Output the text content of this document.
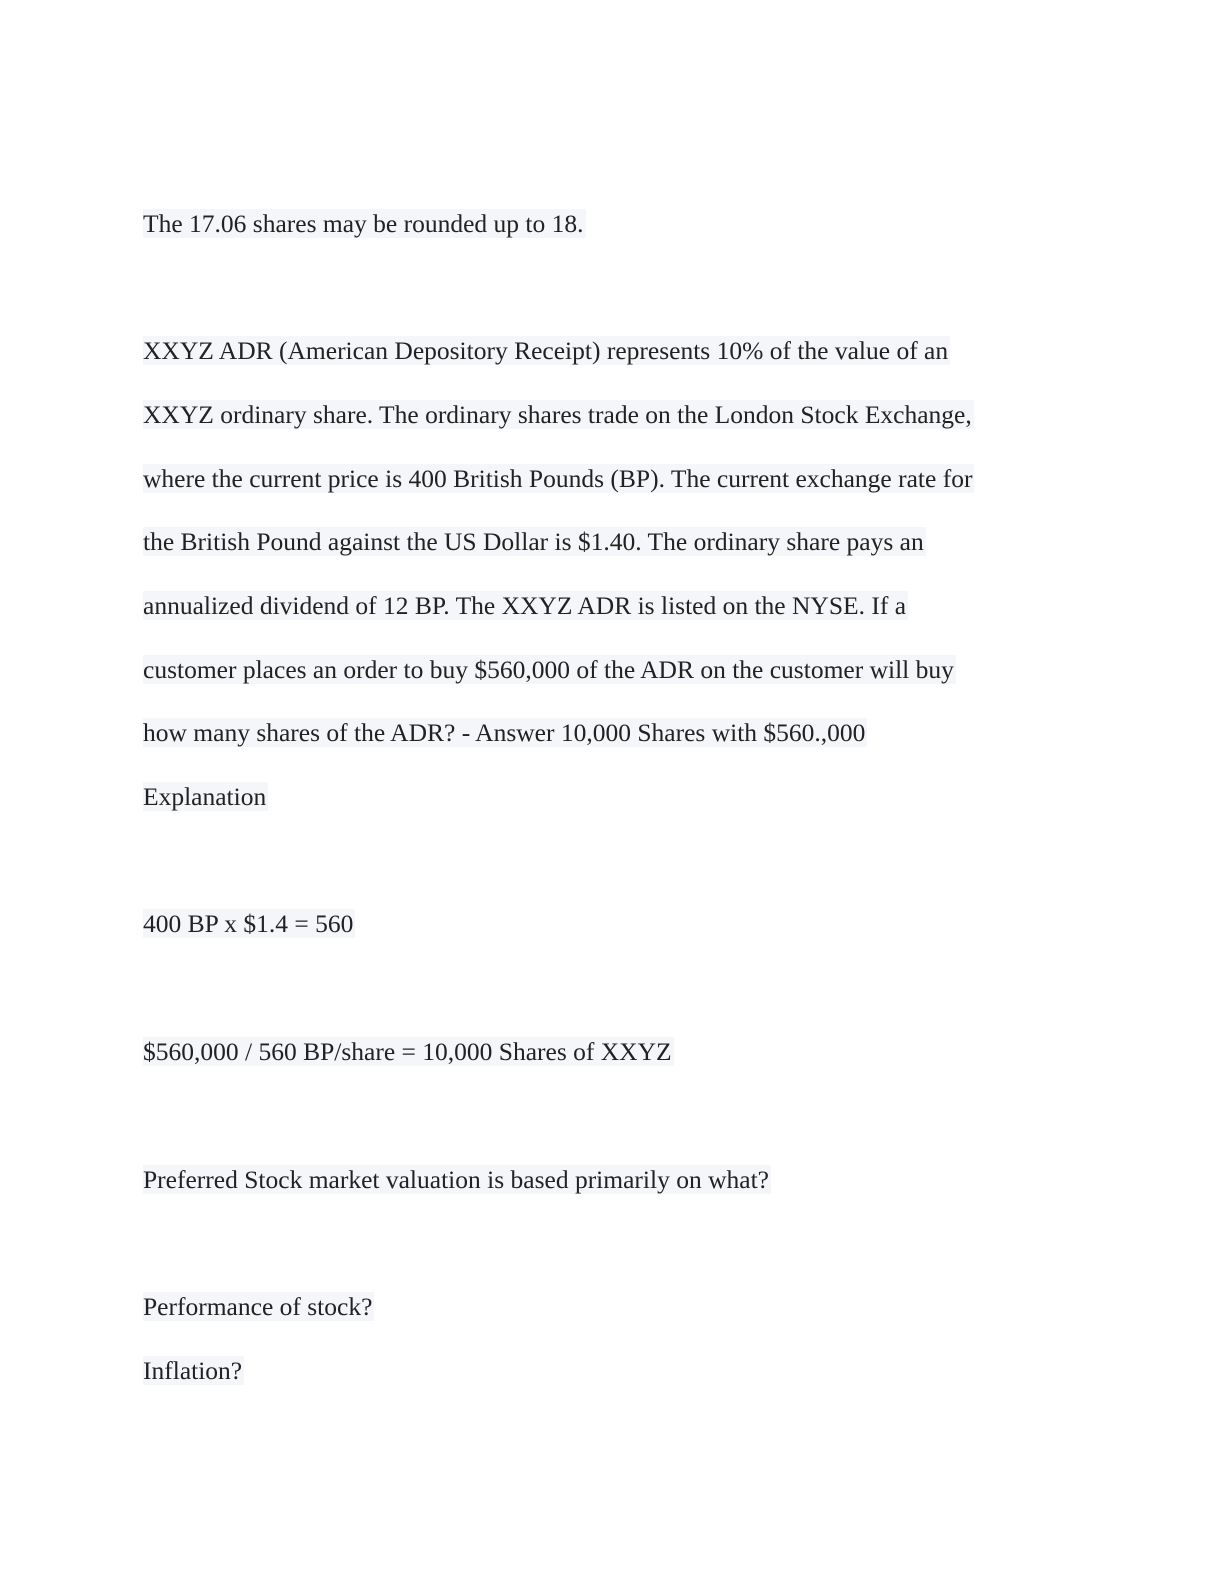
The 17.06 shares may be rounded up to 18.
XXYZ ADR (American Depository Receipt) represents 10% of the value of an
XXYZ ordinary share. The ordinary shares trade on the London Stock Exchange,
where the current price is 400 British Pounds (BP). The current exchange rate for
the British Pound against the US Dollar is $1.40. The ordinary share pays an
annualized dividend of 12 BP. The XXYZ ADR is listed on the NYSE. If a
customer places an order to buy $560,000 of the ADR on the customer will buy
how many shares of the ADR? - Answer 10,000 Shares with $560.,000
Explanation
400 BP x $1.4 = 560
$560,000 / 560 BP/share = 10,000 Shares of XXYZ
Preferred Stock market valuation is based primarily on what?
Performance of stock?
Inflation?
